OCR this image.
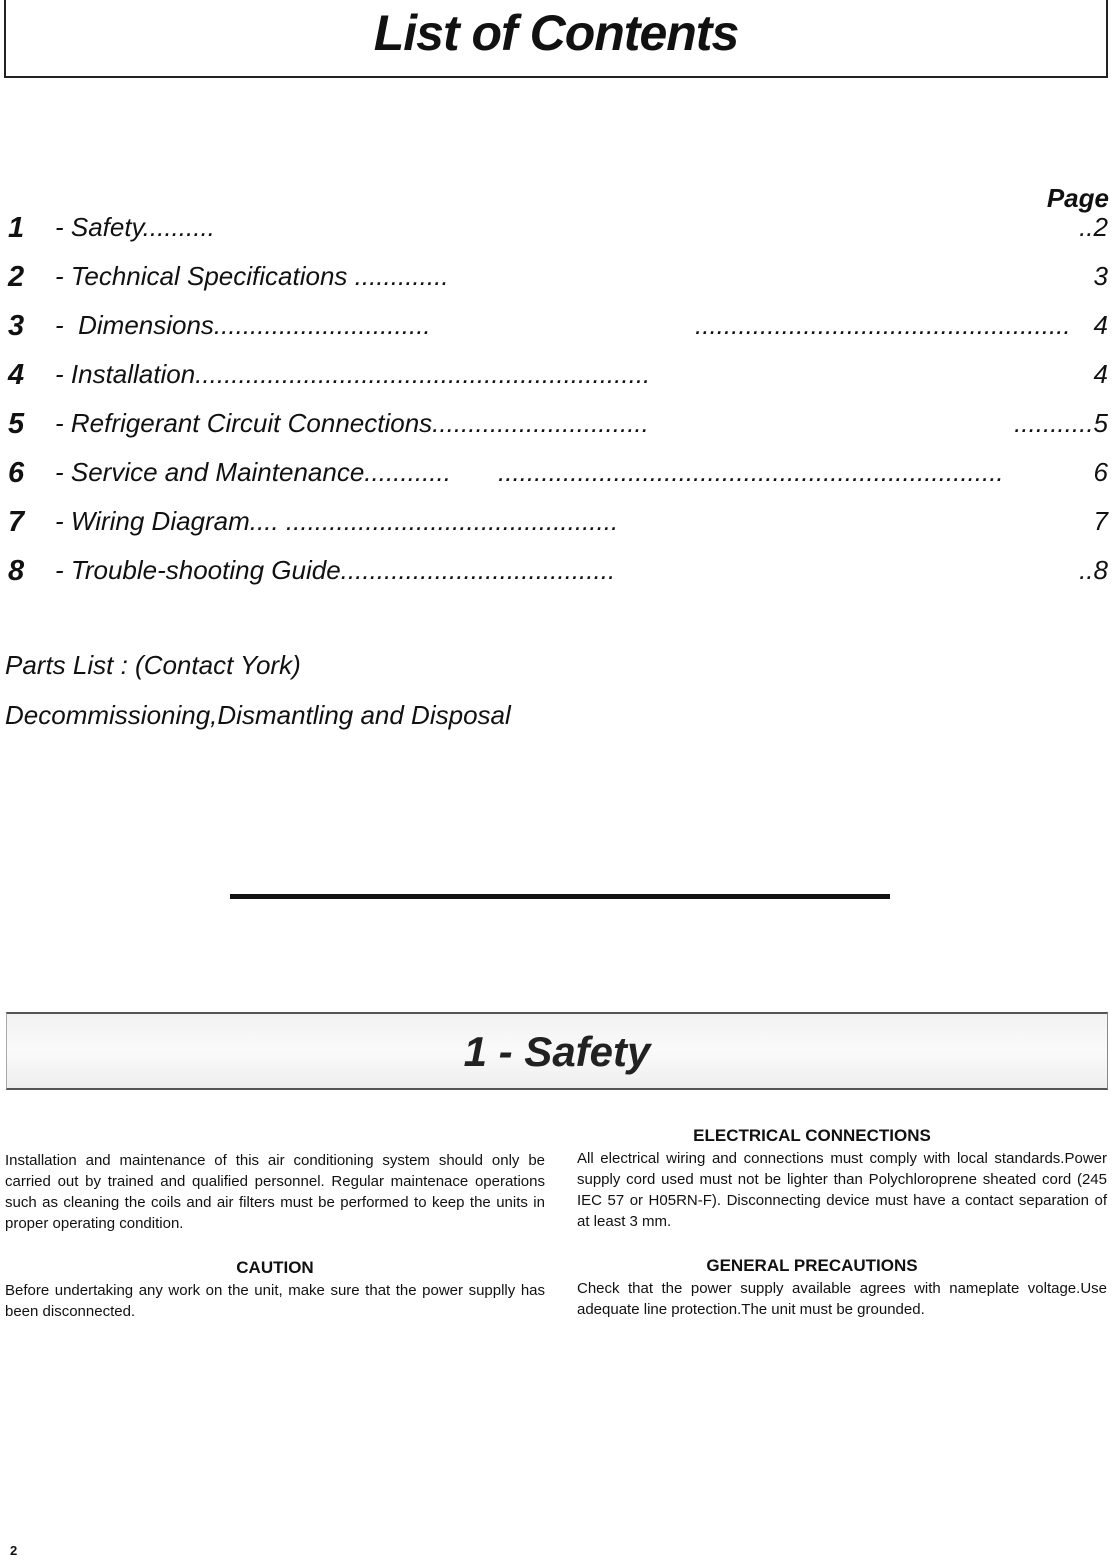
List of Contents
Page
1 - Safety..........	..2
2 - Technical Specifications .............	3
3 -  Dimensions..............................	.................................................... 4
4 - Installation...............................................................	4
5 - Refrigerant Circuit Connections..............................	...........5
6 - Service and Maintenance............ ......................................................................	6
7 - Wiring Diagram.... ..............................................	7
8 - Trouble-shooting Guide......................................	..8
Parts List : (Contact York)
Decommissioning,Dismantling and Disposal
1 - Safety

Installation and maintenance of this air conditioning system should only be carried out by trained and qualified personnel. Regular maintenace operations such as cleaning the coils and air filters must be performed to keep the units in proper operating condition.

CAUTION

Before undertaking any work on the unit, make sure that the power supplly has been disconnected.

ELECTRICAL CONNECTIONS

All electrical wiring and connections must comply with local standards.Power supply cord used must not be lighter than Polychloroprene sheated cord (245 IEC 57 or H05RN-F). Disconnecting device must have a contact separation of at least 3 mm.

GENERAL PRECAUTIONS

Check that the power supply available agrees with nameplate voltage.Use adequate line protection.The unit must be grounded.

2
